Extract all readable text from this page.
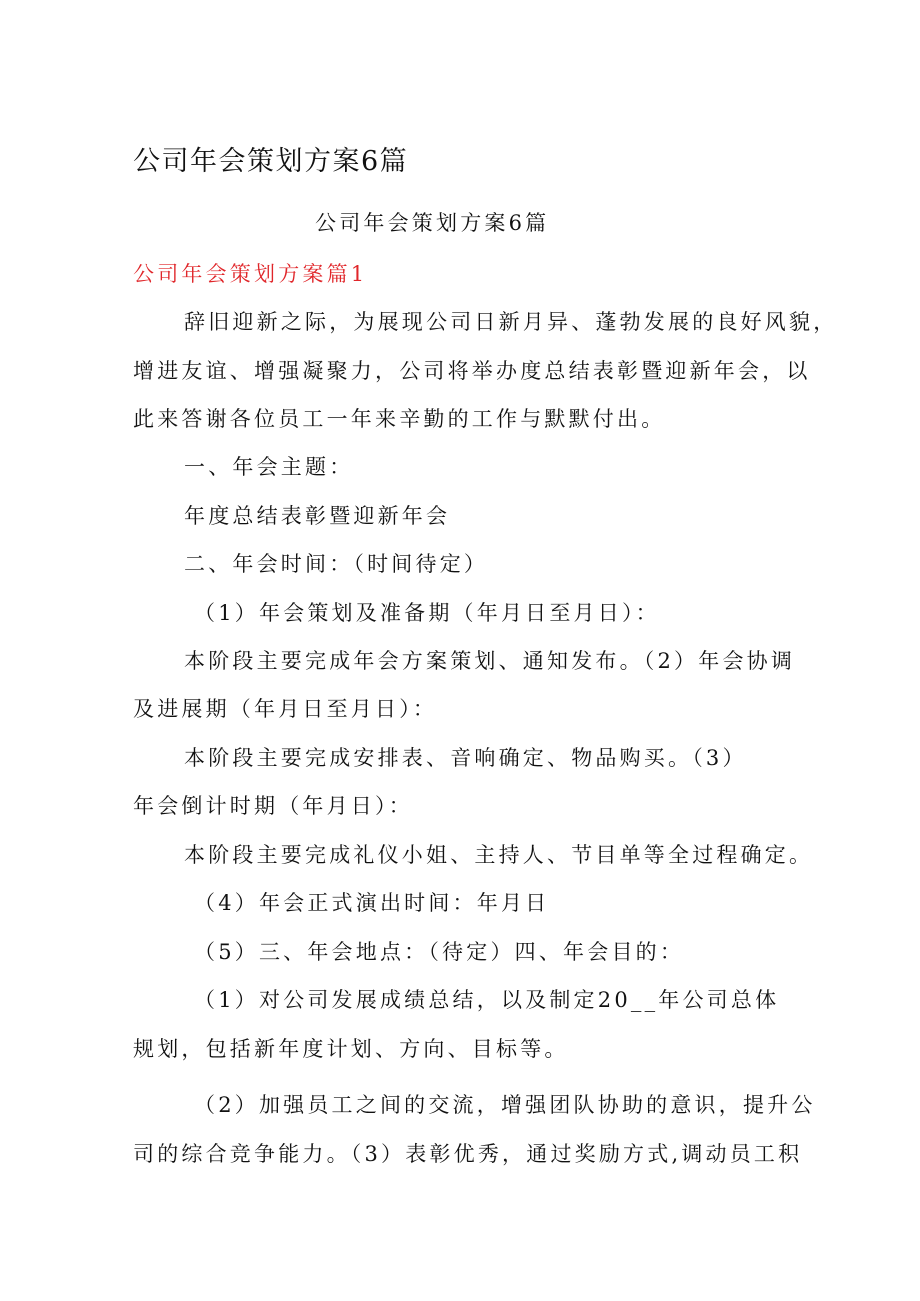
公司年会策划方案6篇
公司年会策划方案6篇
公司年会策划方案篇1
辞旧迎新之际，为展现公司日新月异、蓬勃发展的良好风貌，
增进友谊、增强凝聚力，公司将举办度总结表彰暨迎新年会，以
此来答谢各位员工一年来辛勤的工作与默默付出。
一、年会主题：
年度总结表彰暨迎新年会
二、年会时间：（时间待定）
（1）年会策划及准备期（年月日至月日）：
本阶段主要完成年会方案策划、通知发布。（2）年会协调
及进展期（年月日至月日）：
本阶段主要完成安排表、音响确定、物品购买。（3）
年会倒计时期（年月日）：
本阶段主要完成礼仪小姐、主持人、节目单等全过程确定。
（4）年会正式演出时间：年月日
（5）三、年会地点：（待定）四、年会目的：
（1）对公司发展成绩总结，以及制定20__年公司总体
规划，包括新年度计划、方向、目标等。
（2）加强员工之间的交流，增强团队协助的意识，提升公
司的综合竞争能力。（3）表彰优秀，通过奖励方式,调动员工积
